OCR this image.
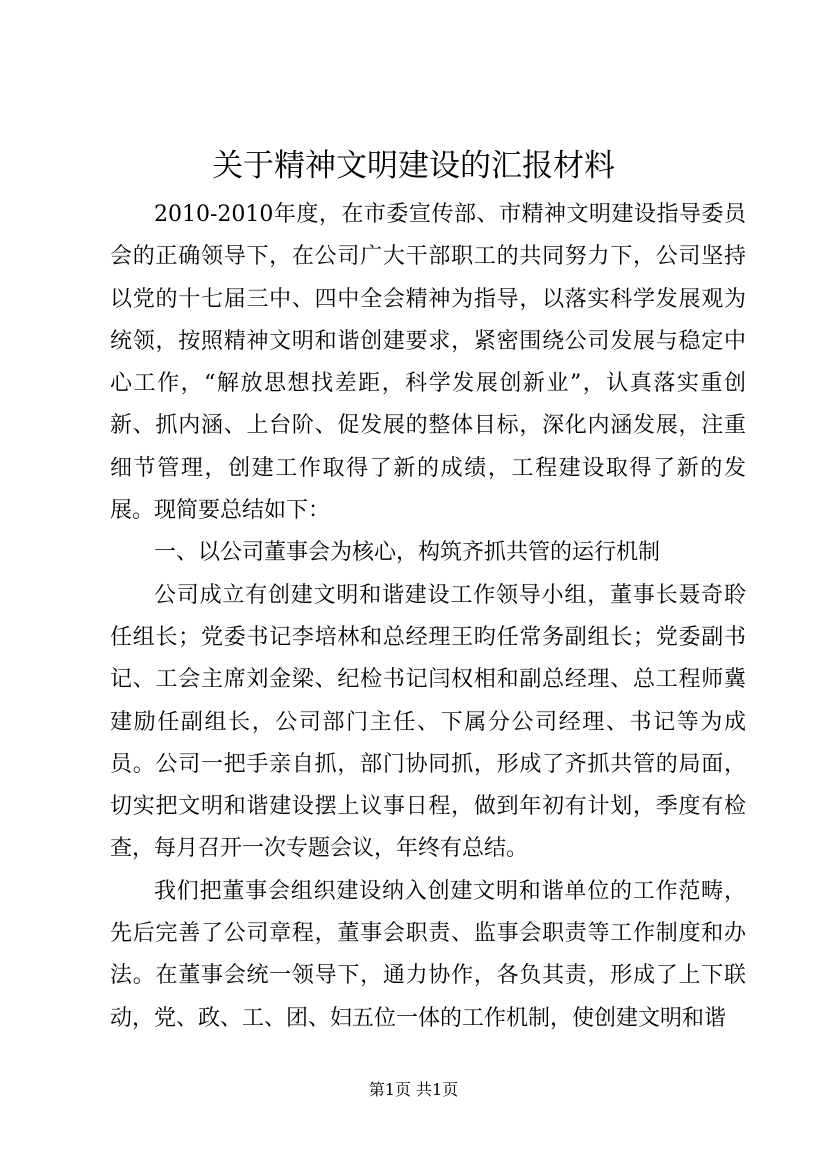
关于精神文明建设的汇报材料

2010-2010年度，在市委宣传部、市精神文明建设指导委员会的正确领导下，在公司广大干部职工的共同努力下，公司坚持以党的十七届三中、四中全会精神为指导，以落实科学发展观为统领，按照精神文明和谐创建要求，紧密围绕公司发展与稳定中心工作，“解放思想找差距，科学发展创新业”，认真落实重创新、抓内涵、上台阶、促发展的整体目标，深化内涵发展，注重细节管理，创建工作取得了新的成绩，工程建设取得了新的发展。现简要总结如下：

一、以公司董事会为核心，构筑齐抓共管的运行机制

公司成立有创建文明和谐建设工作领导小组，董事长聂奇聆任组长；党委书记李培林和总经理王昀任常务副组长；党委副书记、工会主席刘金梁、纪检书记闫权相和副总经理、总工程师冀建励任副组长，公司部门主任、下属分公司经理、书记等为成员。公司一把手亲自抓，部门协同抓，形成了齐抓共管的局面，切实把文明和谐建设摆上议事日程，做到年初有计划，季度有检查，每月召开一次专题会议，年终有总结。

我们把董事会组织建设纳入创建文明和谐单位的工作范畴，先后完善了公司章程，董事会职责、监事会职责等工作制度和办法。在董事会统一领导下，通力协作，各负其责，形成了上下联动，党、政、工、团、妇五位一体的工作机制，使创建文明和谐

第1页 共1页
